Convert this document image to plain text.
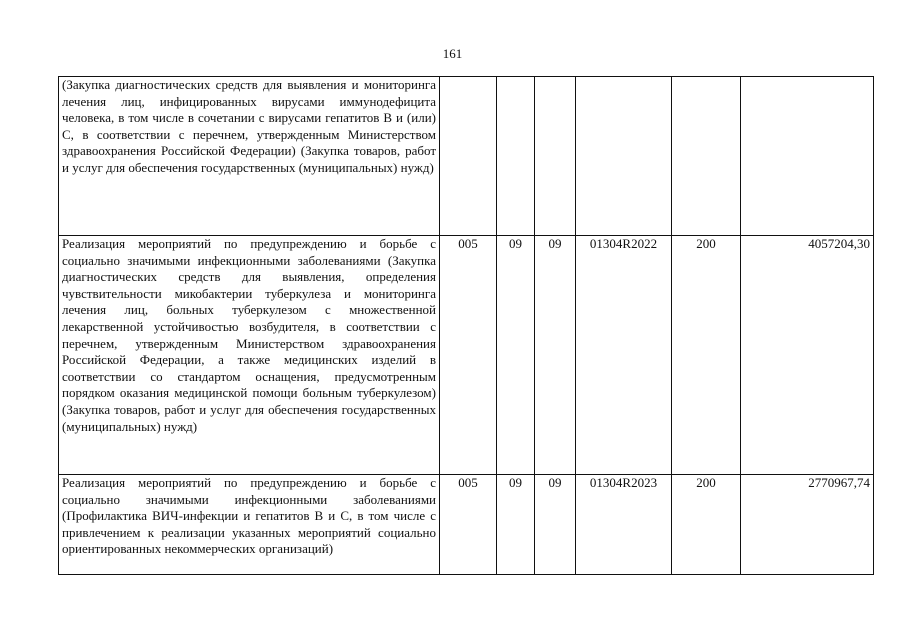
161
(Закупка диагностических средств для выявления и мониторинга лечения лиц, инфицированных вирусами иммунодефицита человека, в том числе в сочетании с вирусами гепатитов B и (или) C, в соответствии с перечнем, утвержденным Министерством здравоохранения Российской Федерации) (Закупка товаров, работ и услуг для обеспечения государственных (муниципальных) нужд)						

Реализация мероприятий по предупреждению и борьбе с социально значимыми инфекционными заболеваниями (Закупка диагностических средств для выявления, определения чувствительности микобактерии туберкулеза и мониторинга лечения лиц, больных туберкулезом с множественной лекарственной устойчивостью возбудителя, в соответствии с перечнем, утвержденным Министерством здравоохранения Российской Федерации, а также медицинских изделий в соответствии со стандартом оснащения, предусмотренным порядком оказания медицинской помощи больным туберкулезом) (Закупка товаров, работ и услуг для обеспечения государственных (муниципальных) нужд)	005	09	09	01304R2022	200	4057204,30

Реализация мероприятий по предупреждению и борьбе с социально значимыми инфекционными заболеваниями (Профилактика ВИЧ-инфекции и гепатитов B и C, в том числе с привлечением к реализации указанных мероприятий социально ориентированных некоммерческих организаций)	005	09	09	01304R2023	200	2770967,74
